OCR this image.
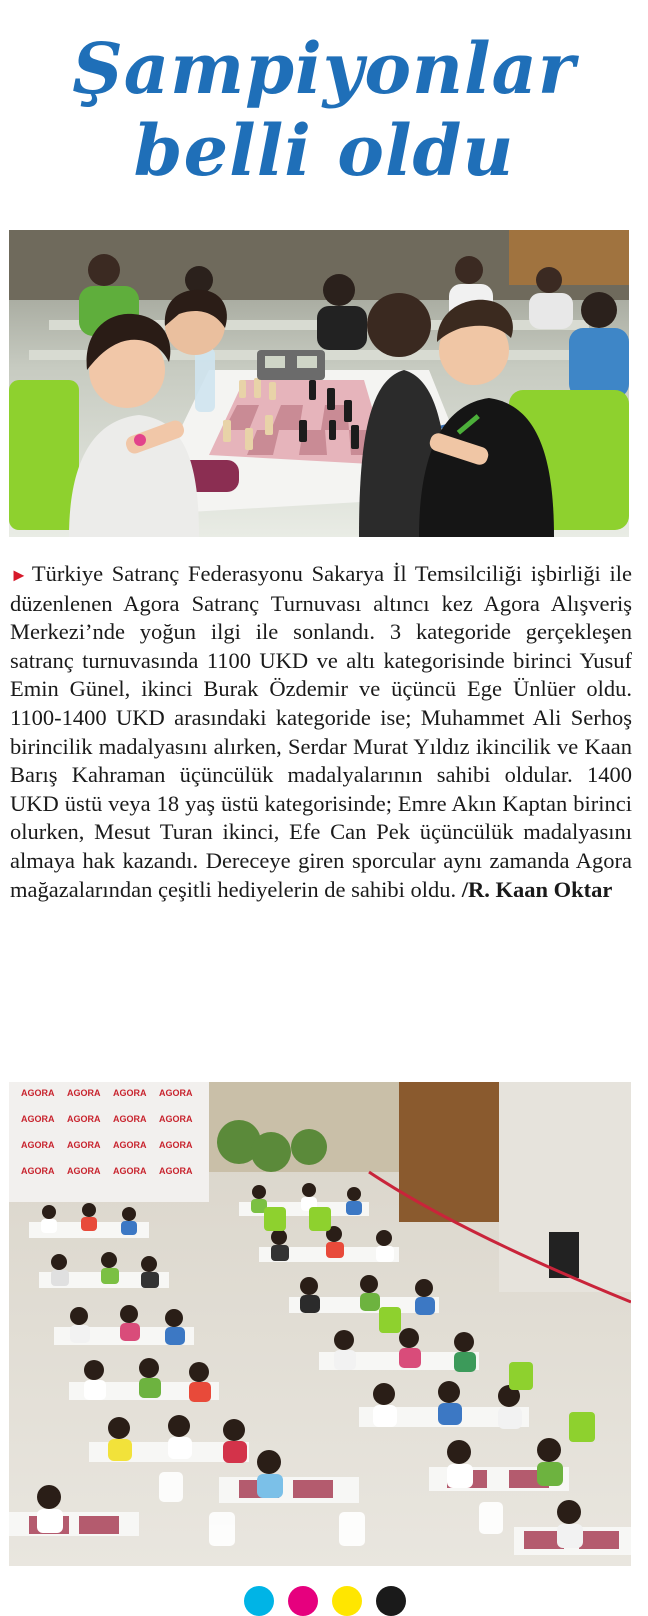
Şampiyonlar
belli oldu

► Türkiye Satranç Federasyonu Sakarya İl Temsilciliği işbirliği ile düzenlenen Agora Satranç Turnuvası altıncı kez Agora Alışveriş Merkezi’nde yoğun ilgi ile sonlandı. 3 kategoride gerçekleşen satranç turnuvasında 1100 UKD ve altı kategorisinde birinci Yusuf Emin Günel, ikinci Burak Özdemir ve üçüncü Ege Ünlüer oldu. 1100-1400 UKD arasındaki kategoride ise; Muhammet Ali Serhoş birincilik madalyasını alırken, Serdar Murat Yıldız ikincilik ve Kaan Barış Kahraman üçüncülük madalyalarının sahibi oldular. 1400 UKD üstü veya 18 yaş üstü kategorisinde; Emre Akın Kaptan birinci olurken, Mesut Turan ikinci, Efe Can Pek üçüncülük madalyasını almaya hak kazandı. Dereceye giren sporcular aynı zamanda Agora mağazalarından çeşitli hediyelerin de sahibi oldu. /R. Kaan Oktar

AGORA AGORA AGORA AGORA
AGORA AGORA AGORA AGORA
AGORA AGORA AGORA AGORA
AGORA AGORA AGORA AGORA
